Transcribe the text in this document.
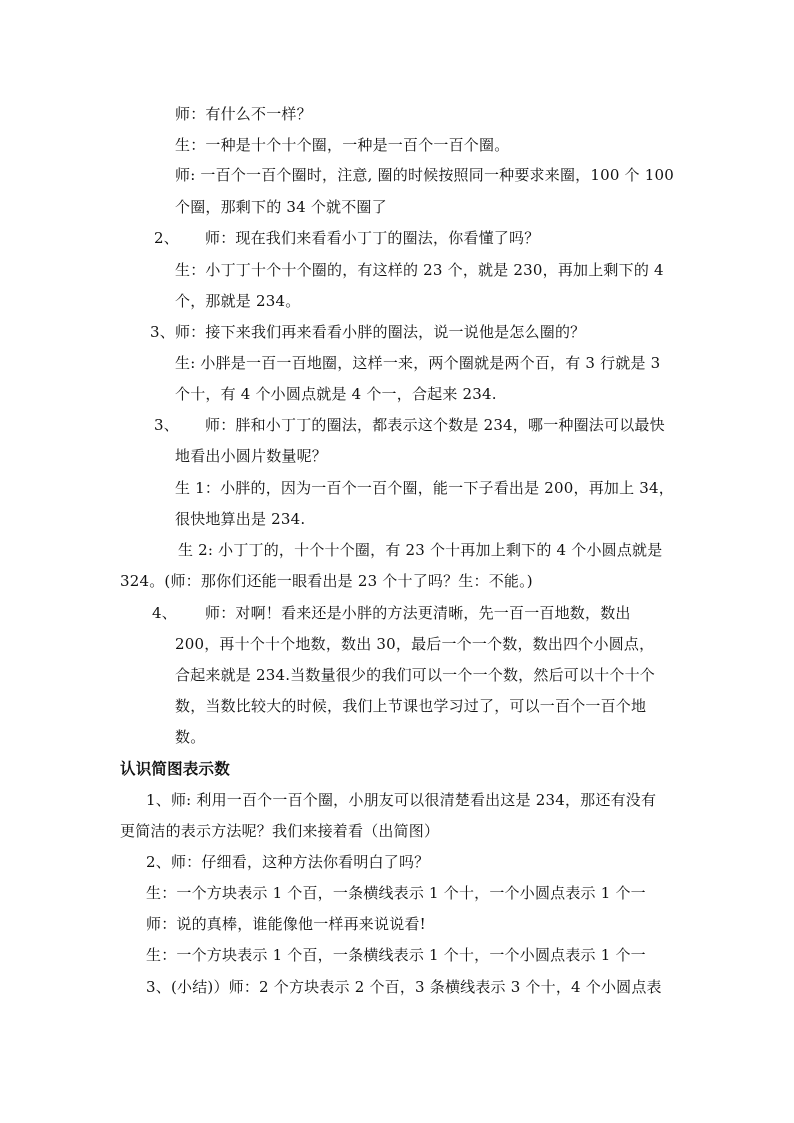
师：有什么不一样？
生：一种是十个十个圈，一种是一百个一百个圈。
师: 一百个一百个圈时，注意, 圈的时候按照同一种要求来圈，100 个 100
个圈，那剩下的 34 个就不圈了
2、 师：现在我们来看看小丁丁的圈法，你看懂了吗？
生：小丁丁十个十个圈的，有这样的 23 个，就是 230，再加上剩下的 4
个，那就是 234。
3、师：接下来我们再来看看小胖的圈法，说一说他是怎么圈的？
生: 小胖是一百一百地圈，这样一来，两个圈就是两个百，有 3 行就是 3
个十，有 4 个小圆点就是 4 个一，合起来 234.
3、 师：胖和小丁丁的圈法，都表示这个数是 234，哪一种圈法可以最快
地看出小圆片数量呢？
生 1：小胖的，因为一百个一百个圈，能一下子看出是 200，再加上 34，
很快地算出是 234.
生 2: 小丁丁的，十个十个圈，有 23 个十再加上剩下的 4 个小圆点就是
324。(师：那你们还能一眼看出是 23 个十了吗？生：不能。)
4、 师：对啊！看来还是小胖的方法更清晰，先一百一百地数，数出
200，再十个十个地数，数出 30，最后一个一个数，数出四个小圆点，
合起来就是 234.当数量很少的我们可以一个一个数，然后可以十个十个
数，当数比较大的时候，我们上节课也学习过了，可以一百个一百个地
数。
认识简图表示数
1、师: 利用一百个一百个圈，小朋友可以很清楚看出这是 234，那还有没有
更简洁的表示方法呢？我们来接着看（出简图）
2、师：仔细看，这种方法你看明白了吗？
生：一个方块表示 1 个百，一条横线表示 1 个十，一个小圆点表示 1 个一
师：说的真棒，谁能像他一样再来说说看!
生：一个方块表示 1 个百，一条横线表示 1 个十，一个小圆点表示 1 个一
3、(小结)）师：2 个方块表示 2 个百，3 条横线表示 3 个十，4 个小圆点表
